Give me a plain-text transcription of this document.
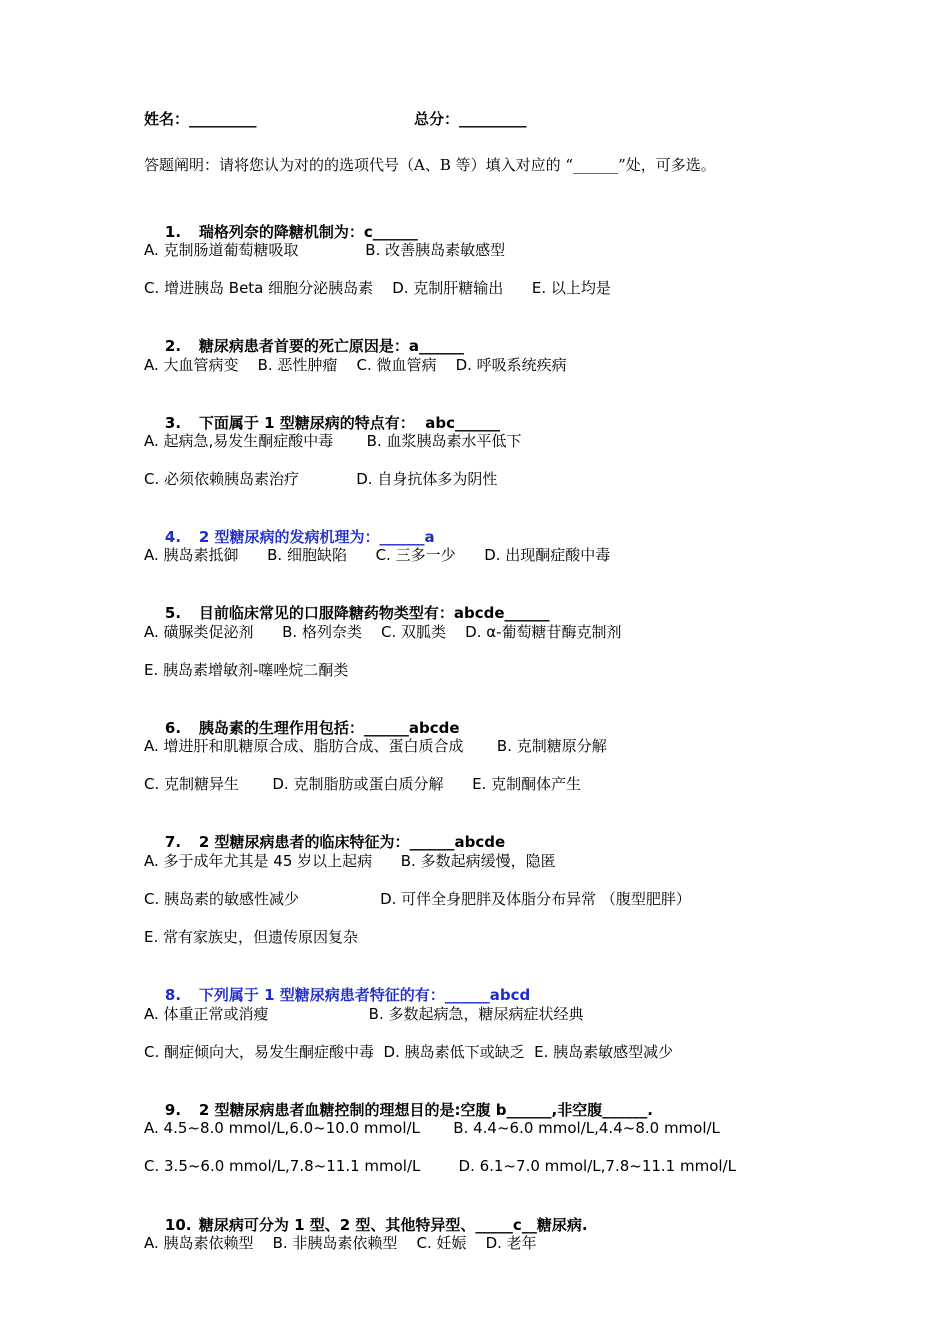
姓名：_________	总分：_________
答题阐明：请将您认为对的的选项代号（A、B 等）填入对应的 “______”处，可多选。

1. 瑞格列奈的降糖机制为：c______

A. 克制肠道葡萄糖吸取              B. 改善胰岛素敏感型
C. 增进胰岛 Beta 细胞分泌胰岛素    D. 克制肝糖输出      E. 以上均是

2. 糖尿病患者首要的死亡原因是：a______

A. 大血管病变    B. 恶性肿瘤    C. 微血管病    D. 呼吸系统疾病

3. 下面属于 1 型糖尿病的特点有：  abc______

A. 起病急,易发生酮症酸中毒       B. 血浆胰岛素水平低下
C. 必须依赖胰岛素治疗            D. 自身抗体多为阴性

4. 2 型糖尿病的发病机理为：______a

A. 胰岛素抵御      B. 细胞缺陷      C. 三多一少      D. 出现酮症酸中毒

5. 目前临床常见的口服降糖药物类型有：abcde______

A. 磺脲类促泌剂      B. 格列奈类    C. 双胍类    D. α-葡萄糖苷酶克制剂
E. 胰岛素增敏剂-噻唑烷二酮类

6. 胰岛素的生理作用包括：______abcde

A. 增进肝和肌糖原合成、脂肪合成、蛋白质合成       B. 克制糖原分解
C. 克制糖异生       D. 克制脂肪或蛋白质分解      E. 克制酮体产生

7. 2 型糖尿病患者的临床特征为：______abcde

A. 多于成年尤其是 45 岁以上起病      B. 多数起病缓慢，隐匿
C. 胰岛素的敏感性减少                 D. 可伴全身肥胖及体脂分布异常 （腹型肥胖）
E. 常有家族史，但遗传原因复杂

8. 下列属于 1 型糖尿病患者特征的有：______abcd

A. 体重正常或消瘦                     B. 多数起病急，糖尿病症状经典
C. 酮症倾向大，易发生酮症酸中毒  D. 胰岛素低下或缺乏  E. 胰岛素敏感型减少

9. 2 型糖尿病患者血糖控制的理想目的是:空腹 b______,非空腹______.

A. 4.5~8.0 mmol/L,6.0~10.0 mmol/L       B. 4.4~6.0 mmol/L,4.4~8.0 mmol/L
C. 3.5~6.0 mmol/L,7.8~11.1 mmol/L        D. 6.1~7.0 mmol/L,7.8~11.1 mmol/L

10. 糖尿病可分为 1 型、2 型、其他特异型、_____c__糖尿病.

A. 胰岛素依赖型    B. 非胰岛素依赖型    C. 妊娠    D. 老年
